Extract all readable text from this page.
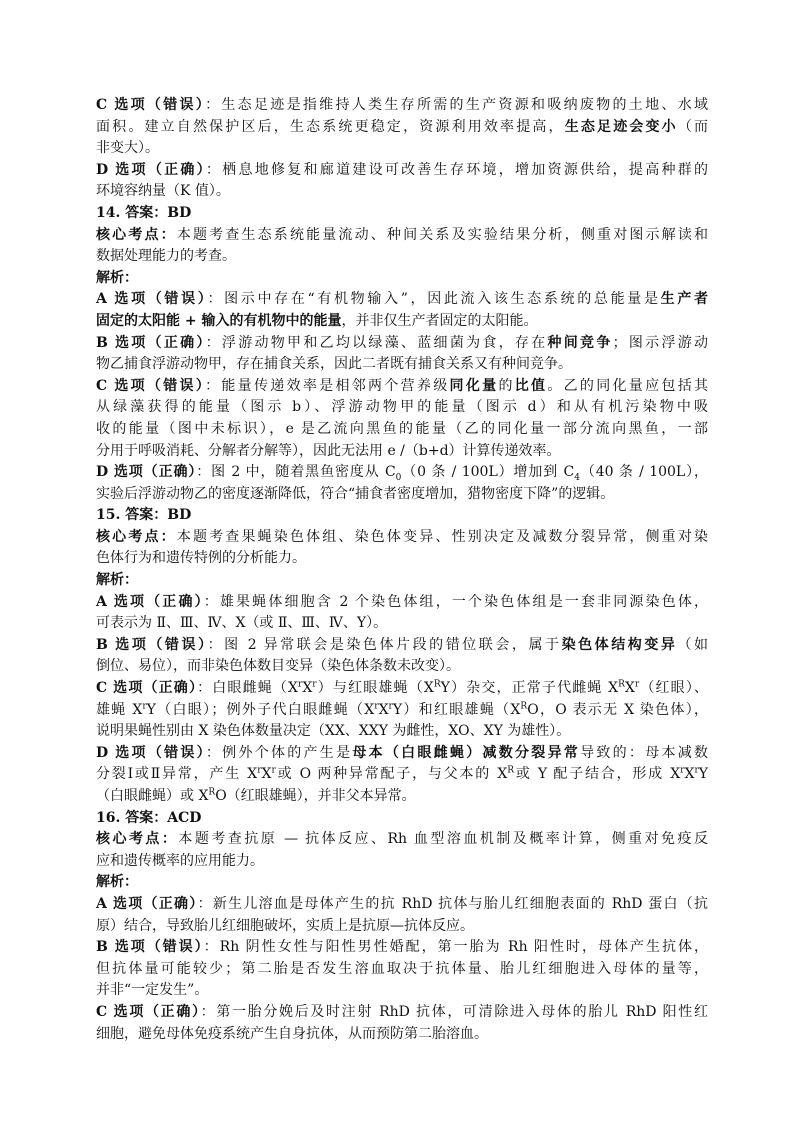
C 选项（错误）：生态足迹是指维持人类生存所需的生产资源和吸纳废物的土地、水域

面积。建立自然保护区后，生态系统更稳定，资源利用效率提高，生态足迹会变小（而

非变大）。

D 选项（正确）：栖息地修复和廊道建设可改善生存环境，增加资源供给，提高种群的

环境容纳量（K 值）。

14. 答案：BD

核心考点：本题考查生态系统能量流动、种间关系及实验结果分析，侧重对图示解读和

数据处理能力的考查。

解析：

A 选项（错误）：图示中存在“有机物输入”，因此流入该生态系统的总能量是生产者

固定的太阳能 + 输入的有机物中的能量，并非仅生产者固定的太阳能。

B 选项（正确）：浮游动物甲和乙均以绿藻、蓝细菌为食，存在种间竞争；图示浮游动

物乙捕食浮游动物甲，存在捕食关系，因此二者既有捕食关系又有种间竞争。

C 选项（错误）：能量传递效率是相邻两个营养级同化量的比值。乙的同化量应包括其

从绿藻获得的能量（图示 b）、浮游动物甲的能量（图示 d）和从有机污染物中吸

收的能量（图中未标识），e 是乙流向黑鱼的能量（乙的同化量一部分流向黑鱼，一部

分用于呼吸消耗、分解者分解等），因此无法用 e /（b+d）计算传递效率。

D 选项（正确）：图 2 中，随着黑鱼密度从 $C_0(0$ 条 / 100L）增加到 $C_4(40$ 条 / 100L），

实验后浮游动物乙的密度逐渐降低，符合“捕食者密度增加，猎物密度下降”的逻辑。

15. 答案：BD

核心考点：本题考查果蝇染色体组、染色体变异、性别决定及减数分裂异常，侧重对染

色体行为和遗传特例的分析能力。

解析：

A 选项（正确）：雄果蝇体细胞含 2 个染色体组，一个染色体组是一套非同源染色体，

可表示为 Ⅱ、Ⅲ、Ⅳ、X（或 Ⅱ、Ⅲ、Ⅳ、Y）。

B 选项（错误）：图 2 异常联会是染色体片段的错位联会，属于染色体结构变异（如

倒位、易位），而非染色体数目变异（染色体条数未改变）。

C 选项（正确）：白眼雌蝇$(X^rX^r)$与红眼雄蝇$(X^RY)$杂交，正常子代雌蝇 $X^RX^r$（红眼）、

雄蝇 $X^rY$（白眼）；例外子代白眼雌蝇$(X^rX^rY)$和红眼雄蝇（$X^RO$，O 表示无 X 染色体），

说明果蝇性别由 X 染色体数量决定（XX、XXY 为雌性，XO、XY 为雄性）。

D 选项（错误）：例外个体的产生是母本（白眼雌蝇）减数分裂异常导致的：母本减数

分裂Ⅰ或Ⅱ异常，产生 $X^rX^r$或 O 两种异常配子，与父本的 $X^R$或 Y 配子结合，形成 $X^rX^rY$

（白眼雌蝇）或 $X^RO$（红眼雄蝇），并非父本异常。

16. 答案：ACD

核心考点：本题考查抗原 — 抗体反应、Rh 血型溶血机制及概率计算，侧重对免疫反

应和遗传概率的应用能力。

解析：

A 选项（正确）：新生儿溶血是母体产生的抗 RhD 抗体与胎儿红细胞表面的 RhD 蛋白（抗

原）结合，导致胎儿红细胞破坏，实质上是抗原—抗体反应。

B 选项（错误）：Rh 阴性女性与阳性男性婚配，第一胎为 Rh 阳性时，母体产生抗体，

但抗体量可能较少；第二胎是否发生溶血取决于抗体量、胎儿红细胞进入母体的量等，

并非“一定发生”。

C 选项（正确）：第一胎分娩后及时注射 RhD 抗体，可清除进入母体的胎儿 RhD 阳性红

细胞，避免母体免疫系统产生自身抗体，从而预防第二胎溶血。
